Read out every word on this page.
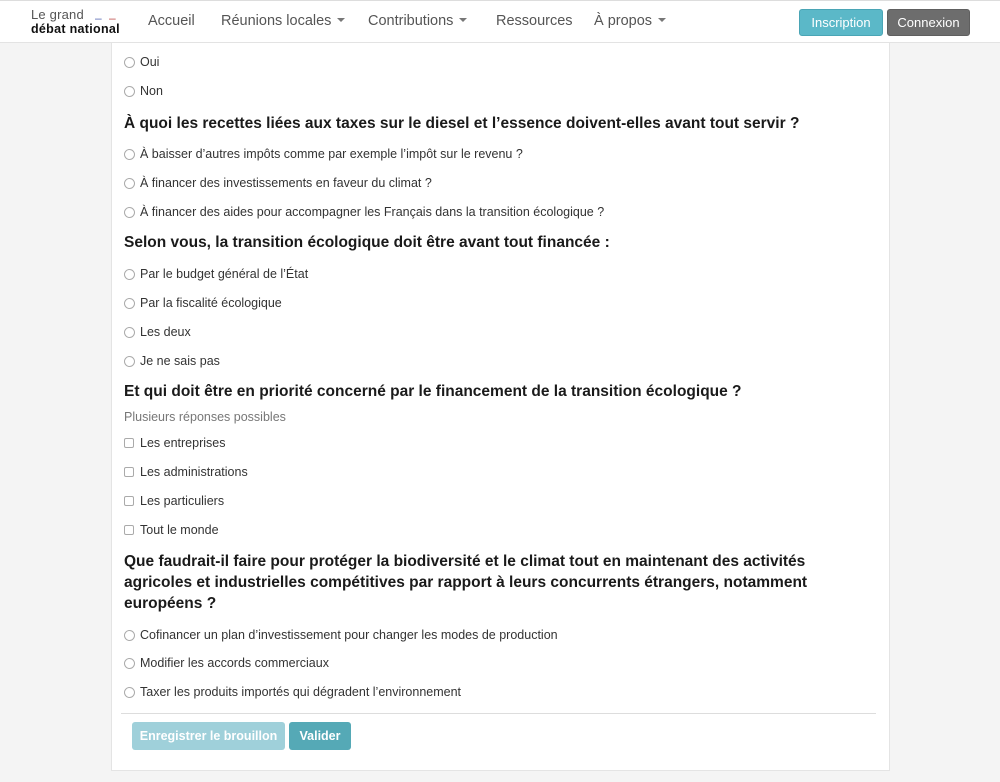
Le grand – –
débat national Accueil Réunions locales	Contributions	Ressources À propos	Inscription	Connexion
Oui
Non
À quoi les recettes liées aux taxes sur le diesel et l’essence doivent-elles avant tout servir ?
À baisser d’autres impôts comme par exemple l’impôt sur le revenu ?
À financer des investissements en faveur du climat ?
À financer des aides pour accompagner les Français dans la transition écologique ?
Selon vous, la transition écologique doit être avant tout financée :
Par le budget général de l’État
Par la fiscalité écologique
Les deux
Je ne sais pas
Et qui doit être en priorité concerné par le financement de la transition écologique ?
Plusieurs réponses possibles
Les entreprises
Les administrations
Les particuliers
Tout le monde
Que faudrait-il faire pour protéger la biodiversité et le climat tout en maintenant des activités agricoles et industrielles compétitives par rapport à leurs concurrents étrangers, notamment européens ?
Cofinancer un plan d’investissement pour changer les modes de production
Modifier les accords commerciaux
Taxer les produits importés qui dégradent l’environnement
Enregistrer le brouillon	Valider
